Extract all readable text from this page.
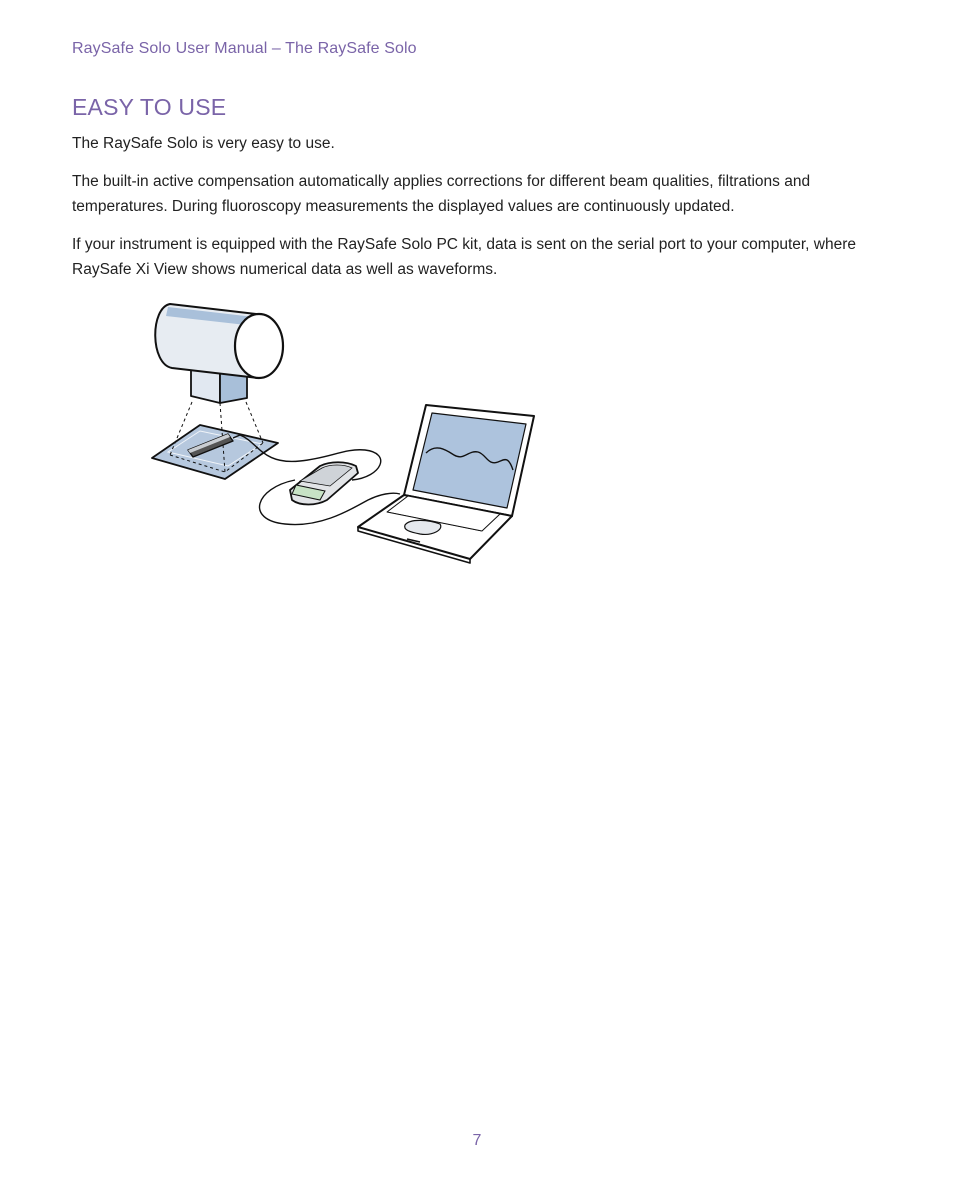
RaySafe Solo User Manual – The RaySafe Solo
EASY TO USE

The RaySafe Solo is very easy to use.

The built-in active compensation automatically applies corrections for different beam qualities, filtrations and temperatures. During fluoroscopy measurements the displayed values are continuously updated.

If your instrument is equipped with the RaySafe Solo PC kit, data is sent on the serial port to your computer, where RaySafe Xi View shows numerical data as well as waveforms.

7
